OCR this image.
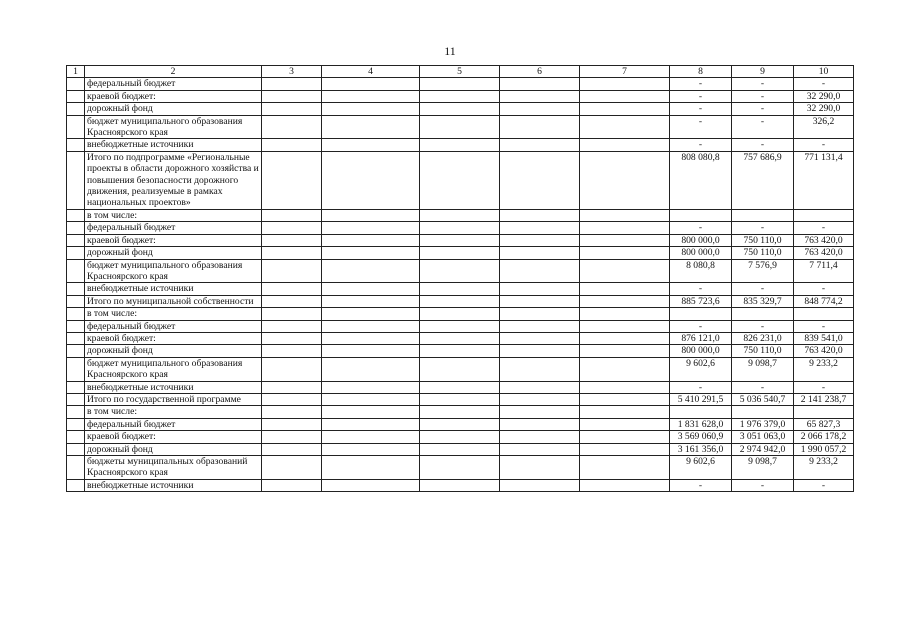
11
1	2	3	4	5	6	7	8	9	10
	федеральный бюджет						-	-	-
	краевой бюджет:						-	-	32 290,0
	дорожный фонд						-	-	32 290,0
	бюджет муниципального образования Красноярского края						-	-	326,2
	внебюджетные источники						-	-	-
	Итого по подпрограмме «Региональные проекты в области дорожного хозяйства и повышения безопасности дорожного движения, реализуемые в рамках национальных проектов»						808 080,8	757 686,9	771 131,4
	в том числе:								
	федеральный бюджет						-	-	-
	краевой бюджет:						800 000,0	750 110,0	763 420,0
	дорожный фонд						800 000,0	750 110,0	763 420,0
	бюджет муниципального образования Красноярского края						8 080,8	7 576,9	7 711,4
	внебюджетные источники						-	-	-
	Итого по муниципальной собственности						885 723,6	835 329,7	848 774,2
	в том числе:								
	федеральный бюджет						-	-	-
	краевой бюджет:						876 121,0	826 231,0	839 541,0
	дорожный фонд						800 000,0	750 110,0	763 420,0
	бюджет муниципального образования Красноярского края						9 602,6	9 098,7	9 233,2
	внебюджетные источники						-	-	-
	Итого по государственной программе						5 410 291,5	5 036 540,7	2 141 238,7
	в том числе:								
	федеральный бюджет						1 831 628,0	1 976 379,0	65 827,3
	краевой бюджет:						3 569 060,9	3 051 063,0	2 066 178,2
	дорожный фонд						3 161 356,0	2 974 942,0	1 990 057,2
	бюджеты муниципальных образований Красноярского края						9 602,6	9 098,7	9 233,2
	внебюджетные источники						-	-	-
